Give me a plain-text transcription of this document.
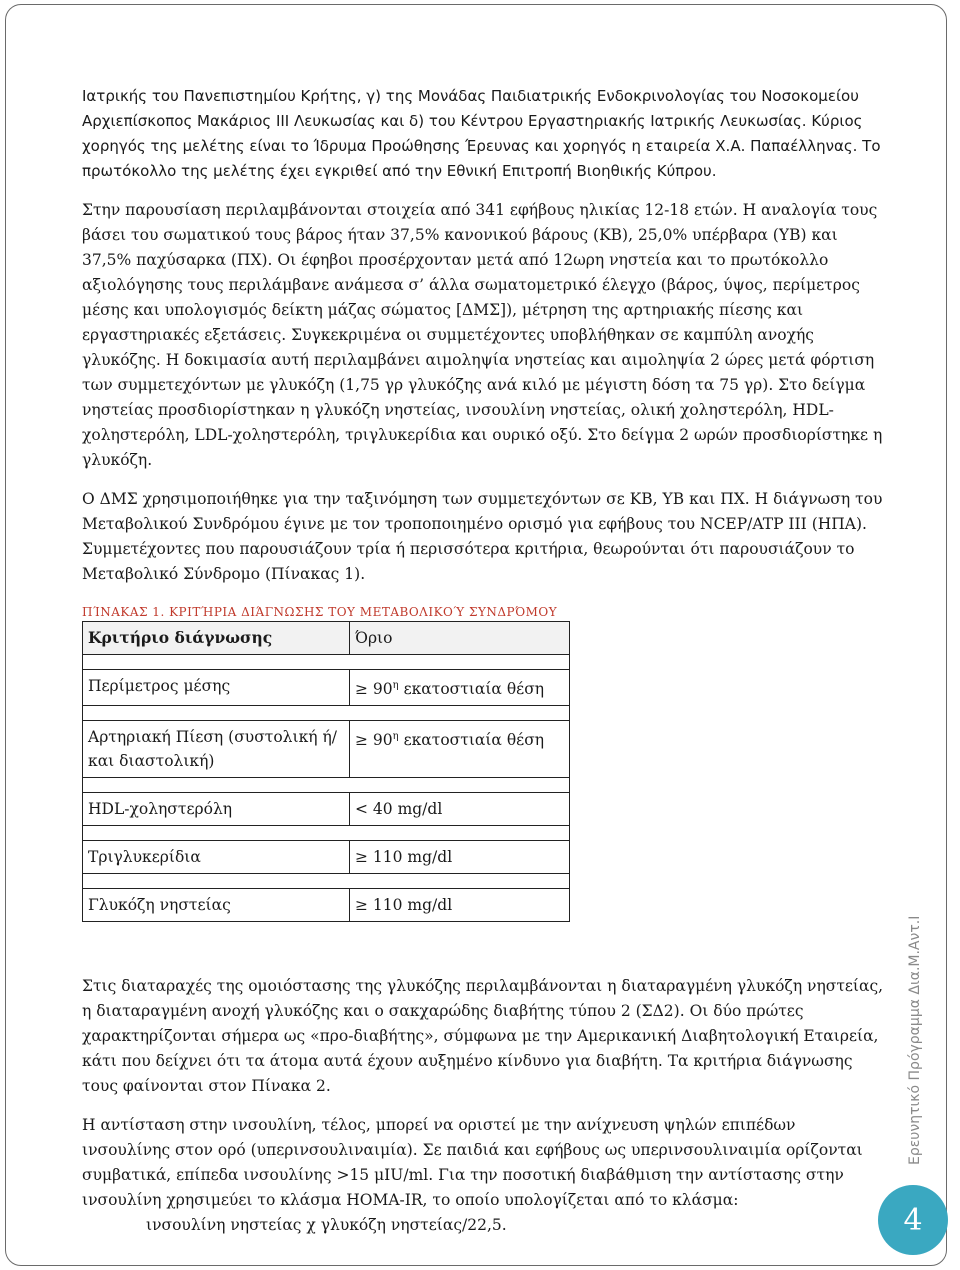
Ιατρικής του Πανεπιστημίου Κρήτης, γ) της Μονάδας Παιδιατρικής Ενδοκρινολογίας του Νοσοκομείου Αρχιεπίσκοπος Μακάριος ΙΙΙ Λευκωσίας και δ) του Κέντρου Εργαστηριακής Ιατρικής Λευκωσίας. Κύριος χορηγός της μελέτης είναι το Ίδρυμα Προώθησης Έρευνας και χορηγός η εταιρεία Χ.Α. Παπαέλληνας. Το πρωτόκολλο της μελέτης έχει εγκριθεί από την Εθνική Επιτροπή Βιοηθικής Κύπρου.

Στην παρουσίαση περιλαμβάνονται στοιχεία από 341 εφήβους ηλικίας 12-18 ετών. Η αναλογία τους βάσει του σωματικού τους βάρος ήταν 37,5% κανονικού βάρους (ΚΒ), 25,0% υπέρβαρα (ΥΒ) και 37,5% παχύσαρκα (ΠΧ). Οι έφηβοι προσέρχονταν μετά από 12ωρη νηστεία και το πρωτόκολλο αξιολόγησης τους περιλάμβανε ανάμεσα σ’ άλλα σωματομετρικό έλεγχο (βάρος, ύψος, περίμετρος μέσης και υπολογισμός δείκτη μάζας σώματος [ΔΜΣ]), μέτρηση της αρτηριακής πίεσης και εργαστηριακές εξετάσεις. Συγκεκριμένα οι συμμετέχοντες υποβλήθηκαν σε καμπύλη ανοχής γλυκόζης. Η δοκιμασία αυτή περιλαμβάνει αιμοληψία νηστείας και αιμοληψία 2 ώρες μετά φόρτιση των συμμετεχόντων με γλυκόζη (1,75 γρ γλυκόζης ανά κιλό με μέγιστη δόση τα 75 γρ). Στο δείγμα νηστείας προσδιορίστηκαν η γλυκόζη νηστείας, ινσουλίνη νηστείας, ολική χοληστερόλη, HDL-χοληστερόλη, LDL-χοληστερόλη, τριγλυκερίδια και ουρικό οξύ. Στο δείγμα 2 ωρών προσδιορίστηκε η γλυκόζη.

Ο ΔΜΣ χρησιμοποιήθηκε για την ταξινόμηση των συμμετεχόντων σε ΚΒ, ΥΒ και ΠΧ. Η διάγνωση του Μεταβολικού Συνδρόμου έγινε με τον τροποποιημένο ορισμό για εφήβους του NCEP/ATP III (ΗΠΑ). Συμμετέχοντες που παρουσιάζουν τρία ή περισσότερα κριτήρια, θεωρούνται ότι παρουσιάζουν το Μεταβολικό Σύνδρομο (Πίνακας 1).

ΠΊΝΑΚΑΣ 1. ΚΡΙΤΉΡΙΑ ΔΙΆΓΝΩΣΗΣ ΤΟΥ ΜΕΤΑΒΟΛΙΚΟΎ ΣΥΝΔΡΌΜΟΥ
Κριτήριο διάγνωσης	Όριο

Περίμετρος μέσης	≥ $90^\eta$ εκατοστιαία θέση

Αρτηριακή Πίεση (συστολική ή/και διαστολική)	≥ $90^\eta$ εκατοστιαία θέση

HDL-χοληστερόλη	< 40 mg/dl

Τριγλυκερίδια	≥ 110 mg/dl

Γλυκόζη νηστείας	≥ 110 mg/dl

Στις διαταραχές της ομοιόστασης της γλυκόζης περιλαμβάνονται η διαταραγμένη γλυκόζη νηστείας, η διαταραγμένη ανοχή γλυκόζης και ο σακχαρώδης διαβήτης τύπου 2 (ΣΔ2). Οι δύο πρώτες χαρακτηρίζονται σήμερα ως «προ-διαβήτης», σύμφωνα με την Αμερικανική Διαβητολογική Εταιρεία, κάτι που δείχνει ότι τα άτομα αυτά έχουν αυξημένο κίνδυνο για διαβήτη. Τα κριτήρια διάγνωσης τους φαίνονται στον Πίνακα 2.

Η αντίσταση στην ινσουλίνη, τέλος, μπορεί να οριστεί με την ανίχνευση ψηλών επιπέδων ινσουλίνης στον ορό (υπερινσουλιναιμία). Σε παιδιά και εφήβους ως υπερινσουλιναιμία ορίζονται συμβατικά, επίπεδα ινσουλίνης >15 μIU/ml. Για την ποσοτική διαβάθμιση την αντίστασης στην ινσουλίνη χρησιμεύει το κλάσμα HOMA-IR, το οποίο υπολογίζεται από το κλάσμα:

ινσουλίνη νηστείας χ γλυκόζη νηστείας/22,5.

Ερευνητικό Πρόγραμμα Δια.Μ.Αντ.Ι
4
